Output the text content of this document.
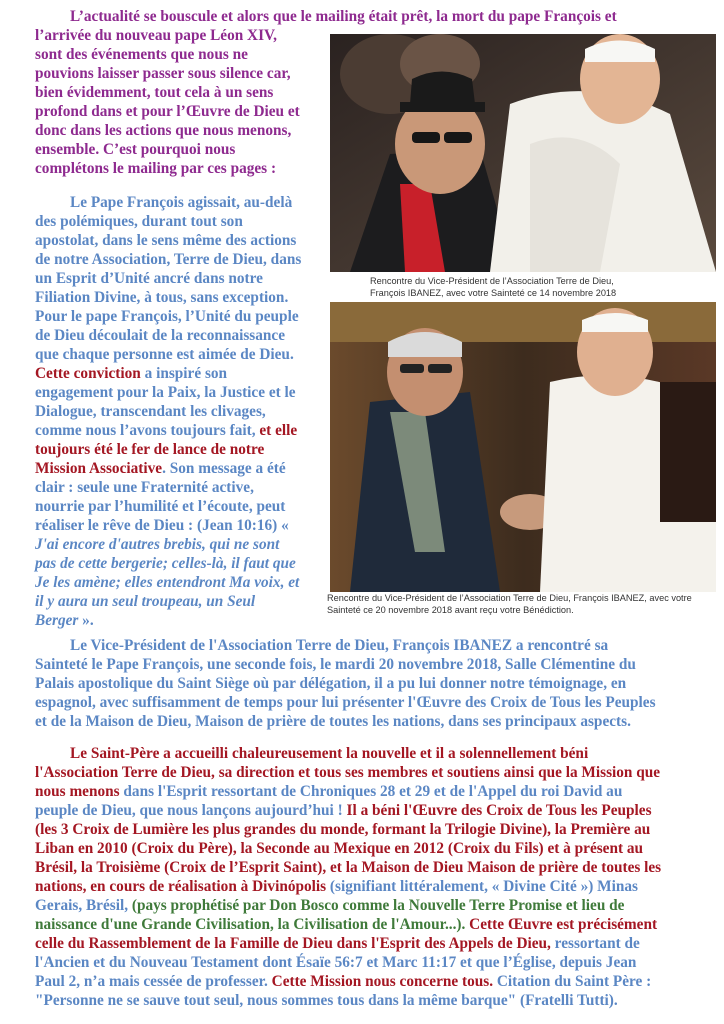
L’actualité se bouscule et alors que le mailing était prêt, la mort du pape François et

l’arrivée du nouveau pape Léon XIV,

sont des événements que nous ne

pouvions laisser passer sous silence car,

bien évidemment, tout cela à un sens

profond dans et pour l’Œuvre de Dieu et

donc dans les actions que nous menons,

ensemble. C’est pourquoi nous

complétons le mailing par ces pages :

Le Pape François agissait, au-delà

des polémiques, durant tout son

apostolat, dans le sens même des actions

de notre Association, Terre de Dieu, dans

un Esprit d’Unité ancré dans notre

Filiation Divine, à tous, sans exception.

Pour le pape François, l’Unité du peuple

de Dieu découlait de la reconnaissance

que chaque personne est aimée de Dieu.

Cette conviction a inspiré son

engagement pour la Paix, la Justice et le

Dialogue, transcendant les clivages,

comme nous l’avons toujours fait, et elle

toujours été le fer de lance de notre

Mission Associative. Son message a été

clair : seule une Fraternité active,

nourrie par l’humilité et l’écoute, peut

réaliser le rêve de Dieu : (Jean 10:16) «

J'ai encore d'autres brebis, qui ne sont

pas de cette bergerie; celles-là, il faut que

Je les amène; elles entendront Ma voix, et

il y aura un seul troupeau, un Seul

Berger ».

Rencontre du Vice-Président de l’Association Terre de Dieu,
François IBANEZ, avec votre Sainteté ce 14 novembre 2018
Rencontre du Vice-Président de l’Association Terre de Dieu, François IBANEZ, avec votre
Sainteté ce 20 novembre 2018 avant reçu votre Bénédiction.

Le Vice-Président de l'Association Terre de Dieu, François IBANEZ a rencontré sa

Sainteté le Pape François, une seconde fois, le mardi 20 novembre 2018, Salle Clémentine du

Palais apostolique du Saint Siège où par délégation, il a pu lui donner notre témoignage, en

espagnol, avec suffisamment de temps pour lui présenter l'Œuvre des Croix de Tous les Peuples

et de la Maison de Dieu, Maison de prière de toutes les nations, dans ses principaux aspects.

Le Saint-Père a accueilli chaleureusement la nouvelle et il a solennellement béni

l'Association Terre de Dieu, sa direction et tous ses membres et soutiens ainsi que la Mission que

nous menons dans l'Esprit ressortant de Chroniques 28 et 29 et de l'Appel du roi David au

peuple de Dieu, que nous lançons aujourd’hui ! Il a béni l'Œuvre des Croix de Tous les Peuples

(les 3 Croix de Lumière les plus grandes du monde, formant la Trilogie Divine), la Première au

Liban en 2010 (Croix du Père), la Seconde au Mexique en 2012 (Croix du Fils) et à présent au

Brésil, la Troisième (Croix de l’Esprit Saint), et la Maison de Dieu Maison de prière de toutes les

nations, en cours de réalisation à Divinópolis (signifiant littéralement, « Divine Cité ») Minas

Gerais, Brésil, (pays prophétisé par Don Bosco comme la Nouvelle Terre Promise et lieu de

naissance d'une Grande Civilisation, la Civilisation de l'Amour...). Cette Œuvre est précisément

celle du Rassemblement de la Famille de Dieu dans l'Esprit des Appels de Dieu, ressortant de

l'Ancien et du Nouveau Testament dont Ésaïe 56:7 et Marc 11:17 et que l’Église, depuis Jean

Paul 2, n’a mais cessée de professer. Cette Mission nous concerne tous. Citation du Saint Père :

"Personne ne se sauve tout seul, nous sommes tous dans la même barque" (Fratelli Tutti).
